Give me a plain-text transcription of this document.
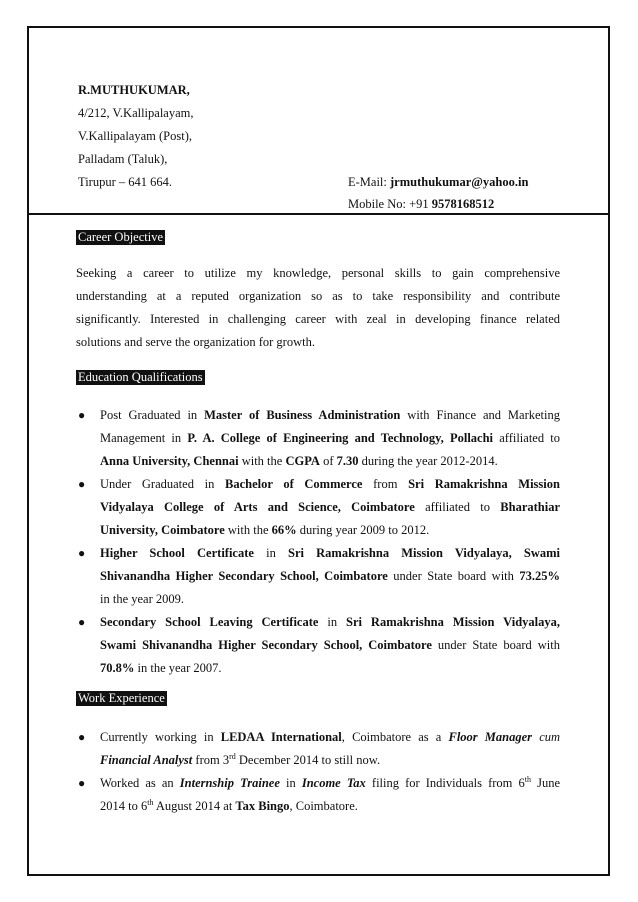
R.MUTHUKUMAR,
4/212, V.Kallipalayam,
V.Kallipalayam (Post),
Palladam (Taluk),
Tirupur – 641 664.	E-Mail: jrmuthukumar@yahoo.in
Mobile No: +91 9578168512
Career Objective
Seeking a career to utilize my knowledge, personal skills to gain comprehensive
understanding at a reputed organization so as to take responsibility and contribute
significantly. Interested in challenging career with zeal in developing finance related
solutions and serve the organization for growth.
Education Qualifications
● Post Graduated in Master of Business Administration with Finance and Marketing
Management in P. A. College of Engineering and Technology, Pollachi affiliated to
Anna University, Chennai with the CGPA of 7.30 during the year 2012-2014.
● Under Graduated in Bachelor of Commerce from Sri Ramakrishna Mission
Vidyalaya College of Arts and Science, Coimbatore affiliated to Bharathiar
University, Coimbatore with the 66% during year 2009 to 2012.
● Higher School Certificate in Sri Ramakrishna Mission Vidyalaya, Swami
Shivanandha Higher Secondary School, Coimbatore under State board with 73.25%
in the year 2009.
● Secondary School Leaving Certificate in Sri Ramakrishna Mission Vidyalaya,
Swami Shivanandha Higher Secondary School, Coimbatore under State board with
70.8% in the year 2007.
Work Experience
● Currently working in LEDAA International, Coimbatore as a Floor Manager cum
Financial Analyst from 3rd December 2014 to still now.
● Worked as an Internship Trainee in Income Tax filing for Individuals from 6th June
2014 to 6th August 2014 at Tax Bingo, Coimbatore.
